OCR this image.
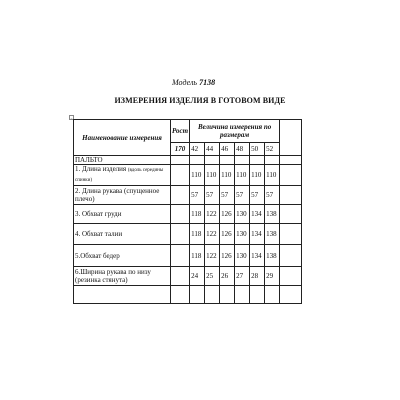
Модель 7138
ИЗМЕРЕНИЯ ИЗДЕЛИЯ В ГОТОВОМ ВИДЕ
+
Наименование измерения	Рост	Величина измерения по размерам						
	170	42	44	46	48	50	52	
ПАЛЬТО								
1. Длина изделия (вдоль середины спинки)		110	110	110	110	110	110	
2. Длина рукава (спущенное плечо)		57	57	57	57	57	57	
3. Обхват груди		118	122	126	130	134	138	
4. Обхват талии		118	122	126	130	134	138	
5.Обхват бедер		118	122	126	130	134	138	
6.Ширина рукава по низу (резинка стянута)		24	25	26	27	28	29	
